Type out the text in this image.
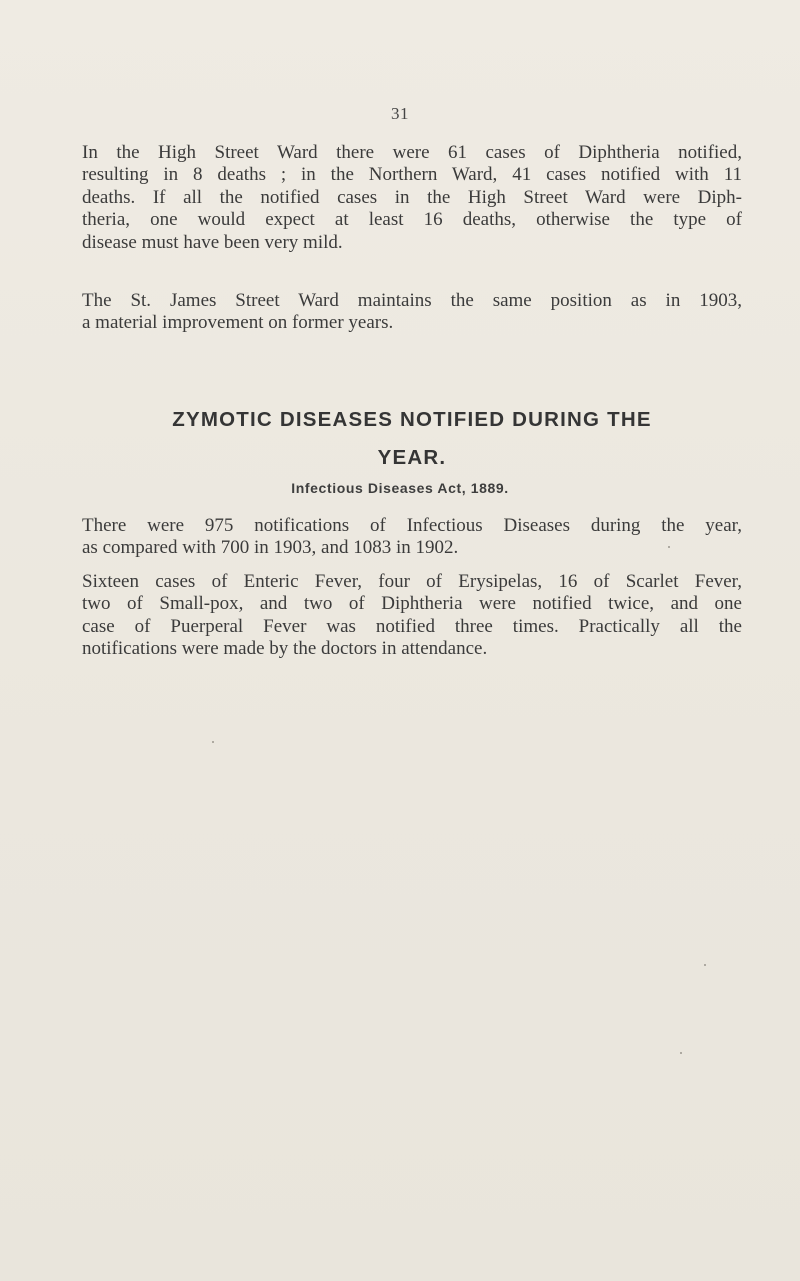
31
In the High Street Ward there were 61 cases of Diphtheria notified,
resulting in 8 deaths ; in the Northern Ward, 41 cases notified with 11
deaths. If all the notified cases in the High Street Ward were Diph-
theria, one would expect at least 16 deaths, otherwise the type of
disease must have been very mild.
The St. James Street Ward maintains the same position as in 1903,
a material improvement on former years.
ZYMOTIC DISEASES NOTIFIED DURING THE
YEAR.
Infectious Diseases Act, 1889.
There were 975 notifications of Infectious Diseases during the year,
as compared with 700 in 1903, and 1083 in 1902.
Sixteen cases of Enteric Fever, four of Erysipelas, 16 of Scarlet Fever,
two of Small-pox, and two of Diphtheria were notified twice, and one
case of Puerperal Fever was notified three times. Practically all the
notifications were made by the doctors in attendance.
